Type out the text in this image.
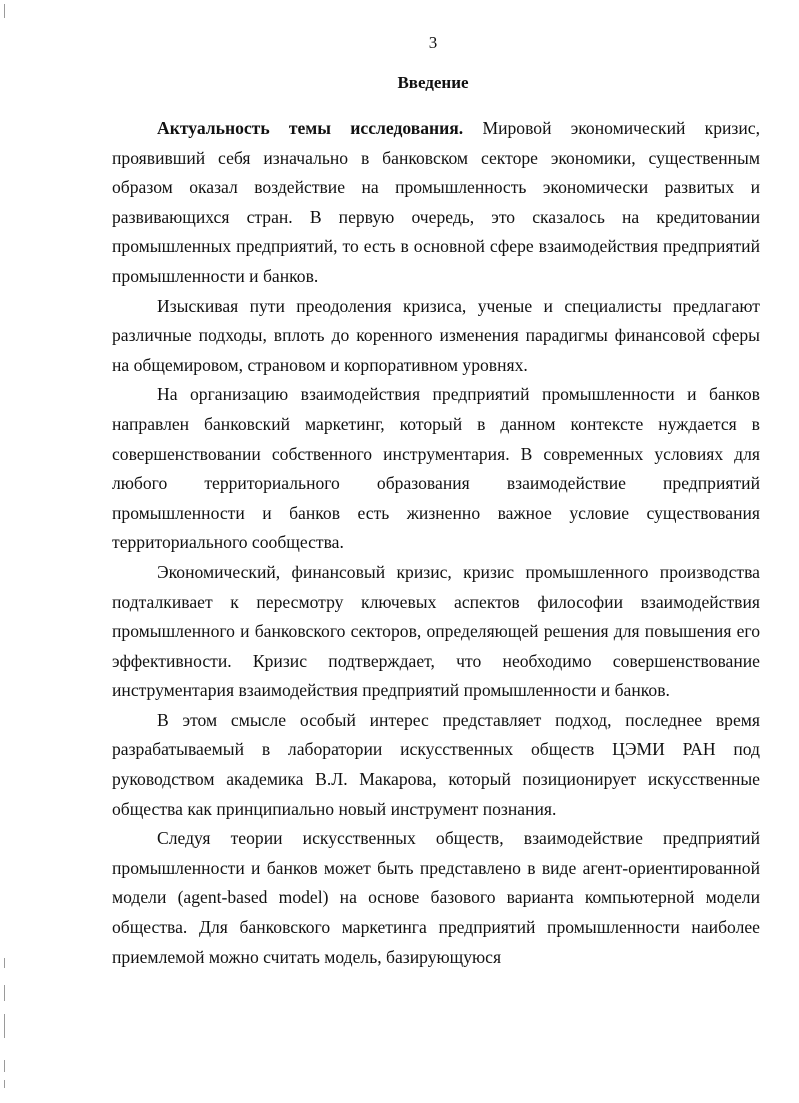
3
Введение

Актуальность темы исследования. Мировой экономический кризис, проявивший себя изначально в банковском секторе экономики, существенным образом оказал воздействие на промышленность экономически развитых и развивающихся стран. В первую очередь, это сказалось на кредитовании промышленных предприятий, то есть в основной сфере взаимодействия предприятий промышленности и банков.

Изыскивая пути преодоления кризиса, ученые и специалисты предлагают различные подходы, вплоть до коренного изменения парадигмы финансовой сферы на общемировом, страновом и корпоративном уровнях.

На организацию взаимодействия предприятий промышленности и банков направлен банковский маркетинг, который в данном контексте нуждается в совершенствовании собственного инструментария. В современных условиях для любого территориального образования взаимодействие предприятий промышленности и банков есть жизненно важное условие существования территориального сообщества.

Экономический, финансовый кризис, кризис промышленного производства подталкивает к пересмотру ключевых аспектов философии взаимодействия промышленного и банковского секторов, определяющей решения для повышения его эффективности. Кризис подтверждает, что необходимо совершенствование инструментария взаимодействия предприятий промышленности и банков.

В этом смысле особый интерес представляет подход, последнее время разрабатываемый в лаборатории искусственных обществ ЦЭМИ РАН под руководством академика В.Л. Макарова, который позиционирует искусственные общества как принципиально новый инструмент познания.

Следуя теории искусственных обществ, взаимодействие предприятий промышленности и банков может быть представлено в виде агент-ориентированной модели (agent-based model) на основе базового варианта компьютерной модели общества. Для банковского маркетинга предприятий промышленности наиболее приемлемой можно считать модель, базирующуюся
